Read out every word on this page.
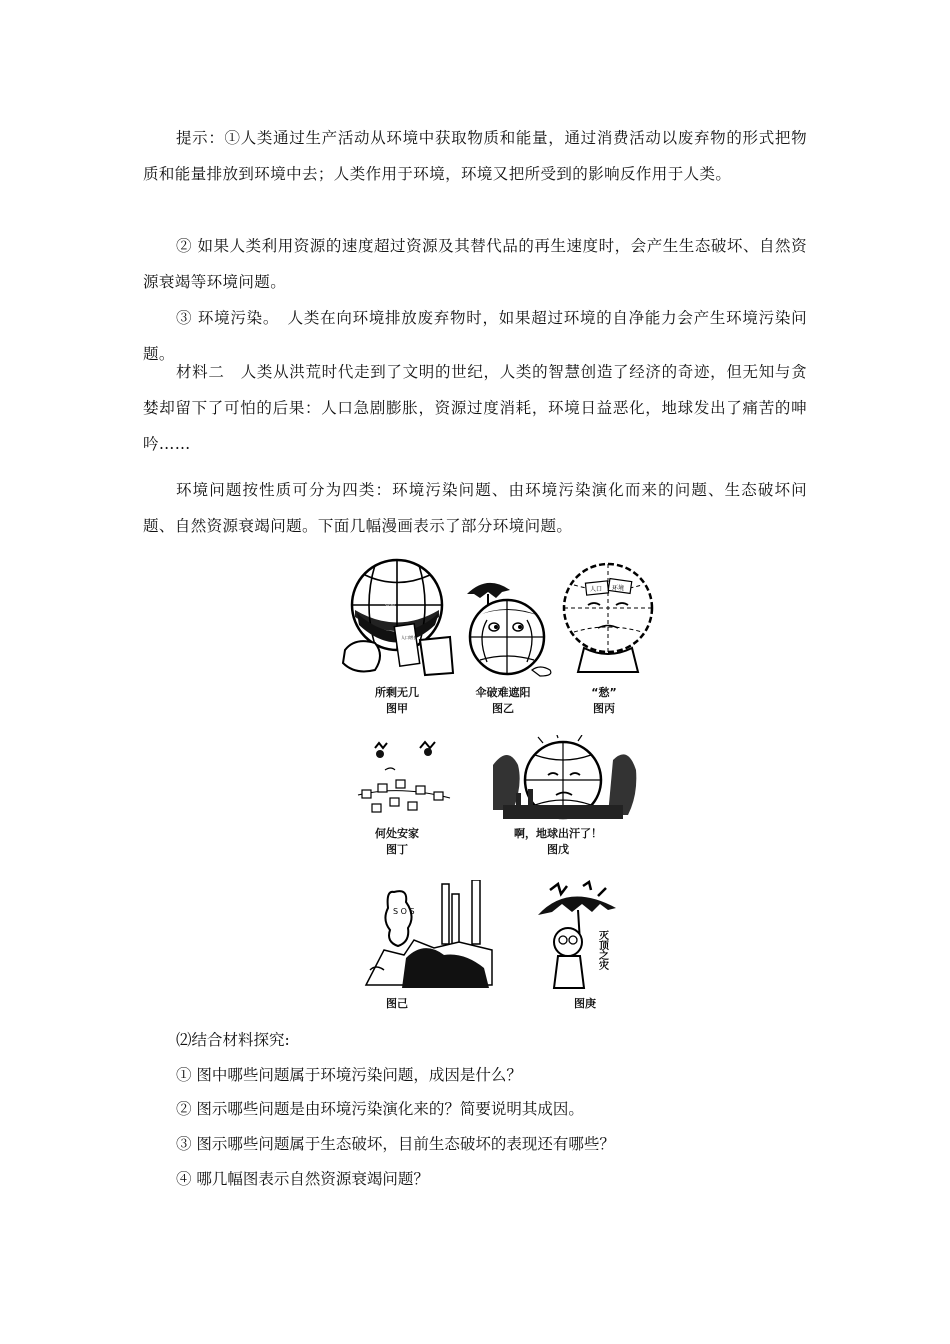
提示：①人类通过生产活动从环境中获取物质和能量，通过消费活动以废弃物的形式把物质和能量排放到环境中去；人类作用于环境，环境又把所受到的影响反作用于人类。

② 如果人类利用资源的速度超过资源及其替代品的再生速度时，会产生生态破坏、自然资源衰竭等环境问题。

③ 环境污染。　人类在向环境排放废弃物时，如果超过环境的自净能力会产生环境污染问题。

材料二　人类从洪荒时代走到了文明的世纪，人类的智慧创造了经济的奇迹，但无知与贪婪却留下了可怕的后果：人口急剧膨胀，资源过度消耗，环境日益恶化，地球发出了痛苦的呻吟……

环境问题按性质可分为四类：环境污染问题、由环境污染演化而来的问题、生态破坏问题、自然资源衰竭问题。下面几幅漫画表示了部分环境问题。

资源
人口增长
人口 环境
S O S
灭顶之灾
所剩无几
图甲
伞破难遮阳
图乙
“愁”
图丙
何处安家
图丁
啊，地球出汗了！
图戊
图己	图庚

⑵结合材料探究:

① 图中哪些问题属于环境污染问题，成因是什么？

② 图示哪些问题是由环境污染演化来的？简要说明其成因。

③ 图示哪些问题属于生态破坏，目前生态破坏的表现还有哪些？

④ 哪几幅图表示自然资源衰竭问题？
